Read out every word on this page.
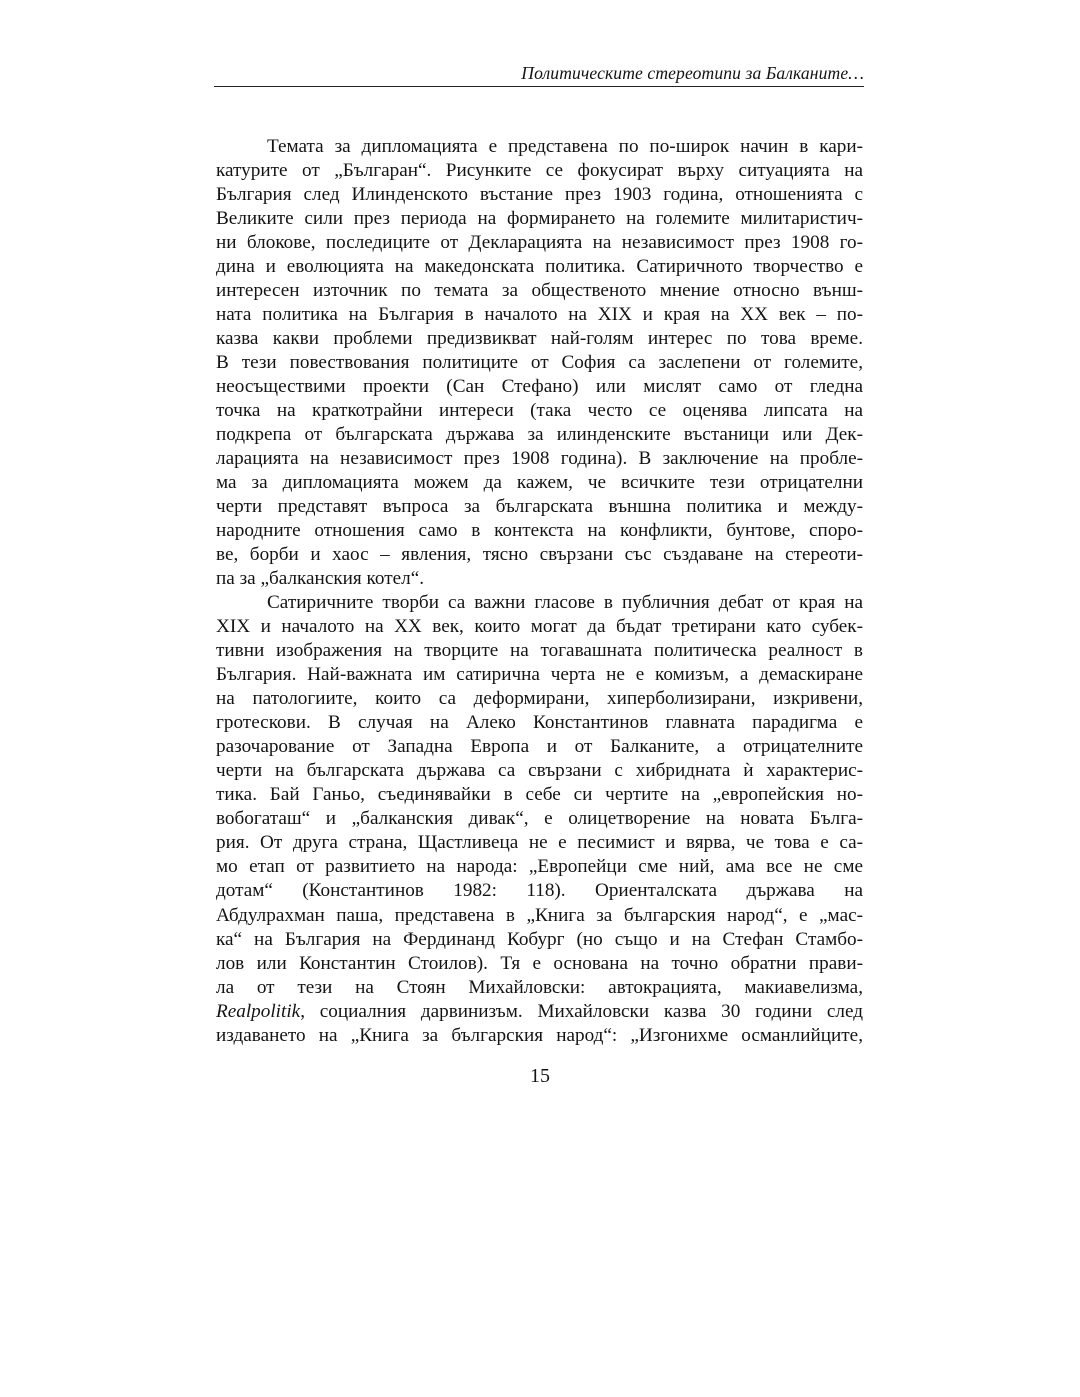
Политическите стереотипи за Балканите…
Темата за дипломацията е представена по по-широк начин в кари-
катурите от „Българан“. Рисунките се фокусират върху ситуацията на
България след Илинденското въстание през 1903 година, отношенията с
Великите сили през периода на формирането на големите милитаристич-
ни блокове, последиците от Декларацията на независимост през 1908 го-
дина и еволюцията на македонската политика. Сатиричното творчество е
интересен източник по темата за общественото мнение относно външ-
ната политика на България в началото на XIX и края на XX век – по-
казва какви проблеми предизвикват най-голям интерес по това време.
В тези повествования политиците от София са заслепени от големите,
неосъществими проекти (Сан Стефано) или мислят само от гледна
точка на краткотрайни интереси (така често се оценява липсата на
подкрепа от българската държава за илинденските въстаници или Дек-
ларацията на независимост през 1908 година). В заключение на пробле-
ма за дипломацията можем да кажем, че всичките тези отрицателни
черти представят въпроса за българската външна политика и между-
народните отношения само в контекста на конфликти, бунтове, споро-
ве, борби и хаос – явления, тясно свързани със създаване на стереоти-
па за „балканския котел“.
Сатиричните творби са важни гласове в публичния дебат от края на
XIX и началото на XX век, които могат да бъдат третирани като субек-
тивни изображения на творците на тогавашната политическа реалност в
България. Най-важната им сатирична черта не е комизъм, а демаскиране
на патологиите, които са деформирани, хиперболизирани, изкривени,
гротескови. В случая на Алеко Константинов главната парадигма е
разочарование от Западна Европа и от Балканите, а отрицателните
черти на българската държава са свързани с хибридната ѝ характерис-
тика. Бай Ганьо, съединявайки в себе си чертите на „европейския но-
вобогаташ“ и „балканския дивак“, е олицетворение на новата Бълга-
рия. От друга страна, Щастливеца не е песимист и вярва, че това е са-
мо етап от развитието на народа: „Европейци сме ний, ама все не сме
дотам“ (Константинов 1982: 118). Ориенталската държава на
Абдулрахман паша, представена в „Книга за българския народ“, е „мас-
ка“ на България на Фердинанд Кобург (но също и на Стефан Стамбо-
лов или Константин Стоилов). Тя е основана на точно обратни прави-
ла от тези на Стоян Михайловски: автокрацията, макиавелизма,
Realpolitik, социалния дарвинизъм. Михайловски казва 30 години след
издаването на „Книга за българския народ“: „Изгонихме османлийците,
15
